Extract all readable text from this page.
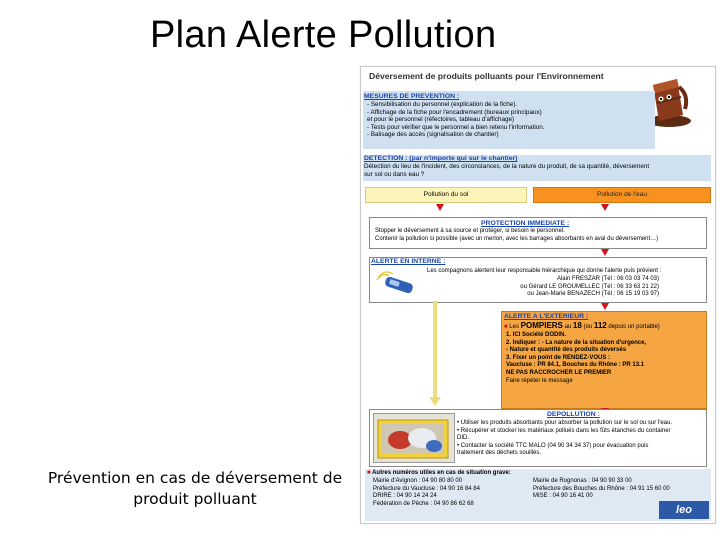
Plan Alerte Pollution
Prévention en cas de déversement de
produit polluant
Déversement de produits polluants pour l'Environnement
MESURES DE PREVENTION :
- Sensibilisation du personnel (explication de la fiche).
- Affichage de la fiche pour l'encadrement (bureaux principaux)
et pour le personnel (réfectoires, tableau d'affichage)
- Tests pour vérifier que le personnel a bien retenu l'information.
- Balisage des accès (signalisation de chantier)
DETECTION : (par n'importe qui sur le chantier)
Détection du lieu de l'incident, des circonstances, de la nature du produit, de sa quantité, déversement
sur sol ou dans eau ?
Pollution du sol	Pollution de l'eau
PROTECTION IMMEDIATE :
Stopper le déversement à sa source et protéger, si besoin le personnel.
Contenir la pollution si possible (avec un merlon, avec les barrages absorbants en aval du déversement…)
ALERTE EN INTERNE :
Les compagnons alertent leur responsable hiérarchique qui donne l'alerte puis prévient :
Alain FRESZAR (Tél : 06 03 03 74 03)
ou Gérard LE GROUMELLEC (Tél : 06 33 63 21 22)
ou Jean-Marie BENAZECH (Tél : 06 15 19 03 97)
ALERTE A L'EXTERIEUR :
■ Les POMPIERS au 18 (ou 112 depuis un portable)
1. ICI Société DODIN.
2. Indiquer : - La nature de la situation d'urgence,
- Nature et quantité des produits déversés
3. Fixer un point de RENDEZ-VOUS :
Vaucluse : PR 84.1, Bouches du Rhône : PR 13.1
NE PAS RACCROCHER LE PREMIER
Faire répéter le message
DEPOLLUTION :
• Utiliser les produits absorbants pour absorber la pollution sur le sol ou sur l'eau.
• Récupérer et stocker les matériaux pollués dans les fûts étanches du container
DID.
• Contacter la société TTC MALO (04 90 34 34 37) pour évacuation puis
traitement des déchets souillés.
■ Autres numéros utiles en cas de situation grave:
Mairie d'Avignon : 04 90 80 80 00
Préfecture du Vaucluse : 04 90 16 84 84
DRIRE : 04 90 14 24 24
Fédération de Pêche : 04 90 86 62 68
Mairie de Rognonas : 04 90 90 33 00
Préfecture des Bouches du Rhône : 04 91 15 60 00
MISE : 04 90 16 41 00
leo
